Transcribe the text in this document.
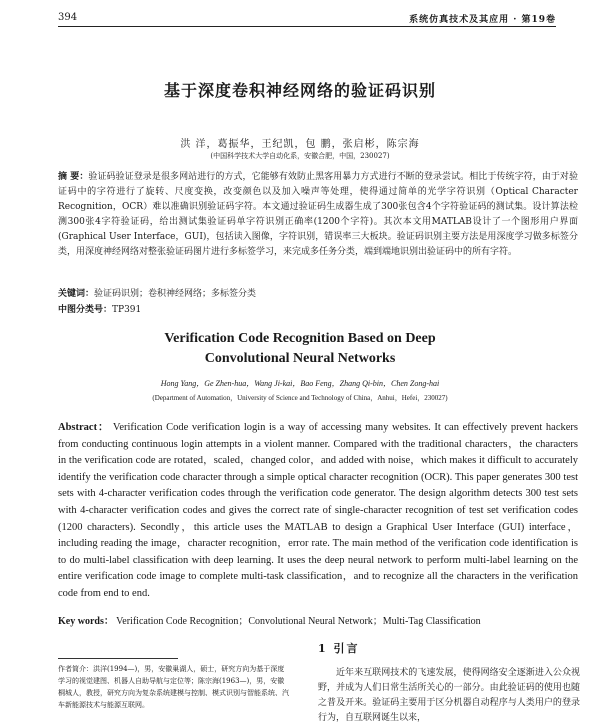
394	系统仿真技术及其应用 · 第19卷
基于深度卷积神经网络的验证码识别
洪 洋，葛振华，王纪凯，包 鹏，张启彬，陈宗海
(中国科学技术大学自动化系，安徽合肥，中国，230027)

摘 要：验证码验证登录是很多网站进行的方式，它能够有效防止黑客用暴力方式进行不断的登录尝试。相比于传统字符，由于对验证码中的字符进行了旋转、尺度变换，改变颜色以及加入噪声等处理，使得通过简单的光学字符识别（Optical Character Recognition，OCR）难以准确识别验证码字符。本文通过验证码生成器生成了300张包含4个字符验证码的测试集。设计算法检测300张4字符验证码，给出测试集验证码单字符识别正确率(1200个字符)。其次本文用MATLAB设计了一个图形用户界面(Graphical User Interface，GUI)，包括读入图像，字符识别，错误率三大板块。验证码识别主要方法是用深度学习做多标签分类，用深度神经网络对整张验证码图片进行多标签学习，来完成多任务分类，端到端地识别出验证码中的所有字符。

关键词：验证码识别；卷积神经网络；多标签分类
中图分类号：TP391
Verification Code Recognition Based on Deep
Convolutional Neural Networks
Hong Yang，Ge Zhen-hua，Wang Ji-kai，Bao Feng，Zhang Qi-bin，Chen Zong-hai
(Department of Automation，University of Science and Technology of China，Anhui，Hefei，230027)

Abstract： Verification Code verification login is a way of accessing many websites. It can effectively prevent hackers from conducting continuous login attempts in a violent manner. Compared with the traditional characters，the characters in the verification code are rotated，scaled，changed color，and added with noise，which makes it difficult to accurately identify the verification code character through a simple optical character recognition (OCR). This paper generates 300 test sets with 4-character verification codes through the verification code generator. The design algorithm detects 300 test sets with 4-character verification codes and gives the correct rate of single-character recognition of test set verification codes (1200 characters). Secondly，this article uses the MATLAB to design a Graphical User Interface (GUI) interface，including reading the image，character recognition，error rate. The main method of the verification code identification is to do multi-label classification with deep learning. It uses the deep neural network to perform multi-label learning on the entire verification code image to complete multi-task classification，and to recognize all the characters in the verification code from end to end.

Key words： Verification Code Recognition；Convolutional Neural Network；Multi-Tag Classification
作者简介：洪洋(1994—)，男，安徽巢湖人，硕士，研究方向为基于深度学习的视觉建图、机器人自助导航与定位等；陈宗海(1963—)，男，安徽桐城人，教授，研究方向为复杂系统建模与控制、模式识别与智能系统、汽车新能源技术与能源互联网。
1 引言
近年来互联网技术的飞速发展，使得网络安全逐渐进入公众视野，并成为人们日常生活所关心的一部分。由此验证码的使用也随之普及开来。验证码主要用于区分机器自动程序与人类用户的登录行为，自互联网诞生以来，
